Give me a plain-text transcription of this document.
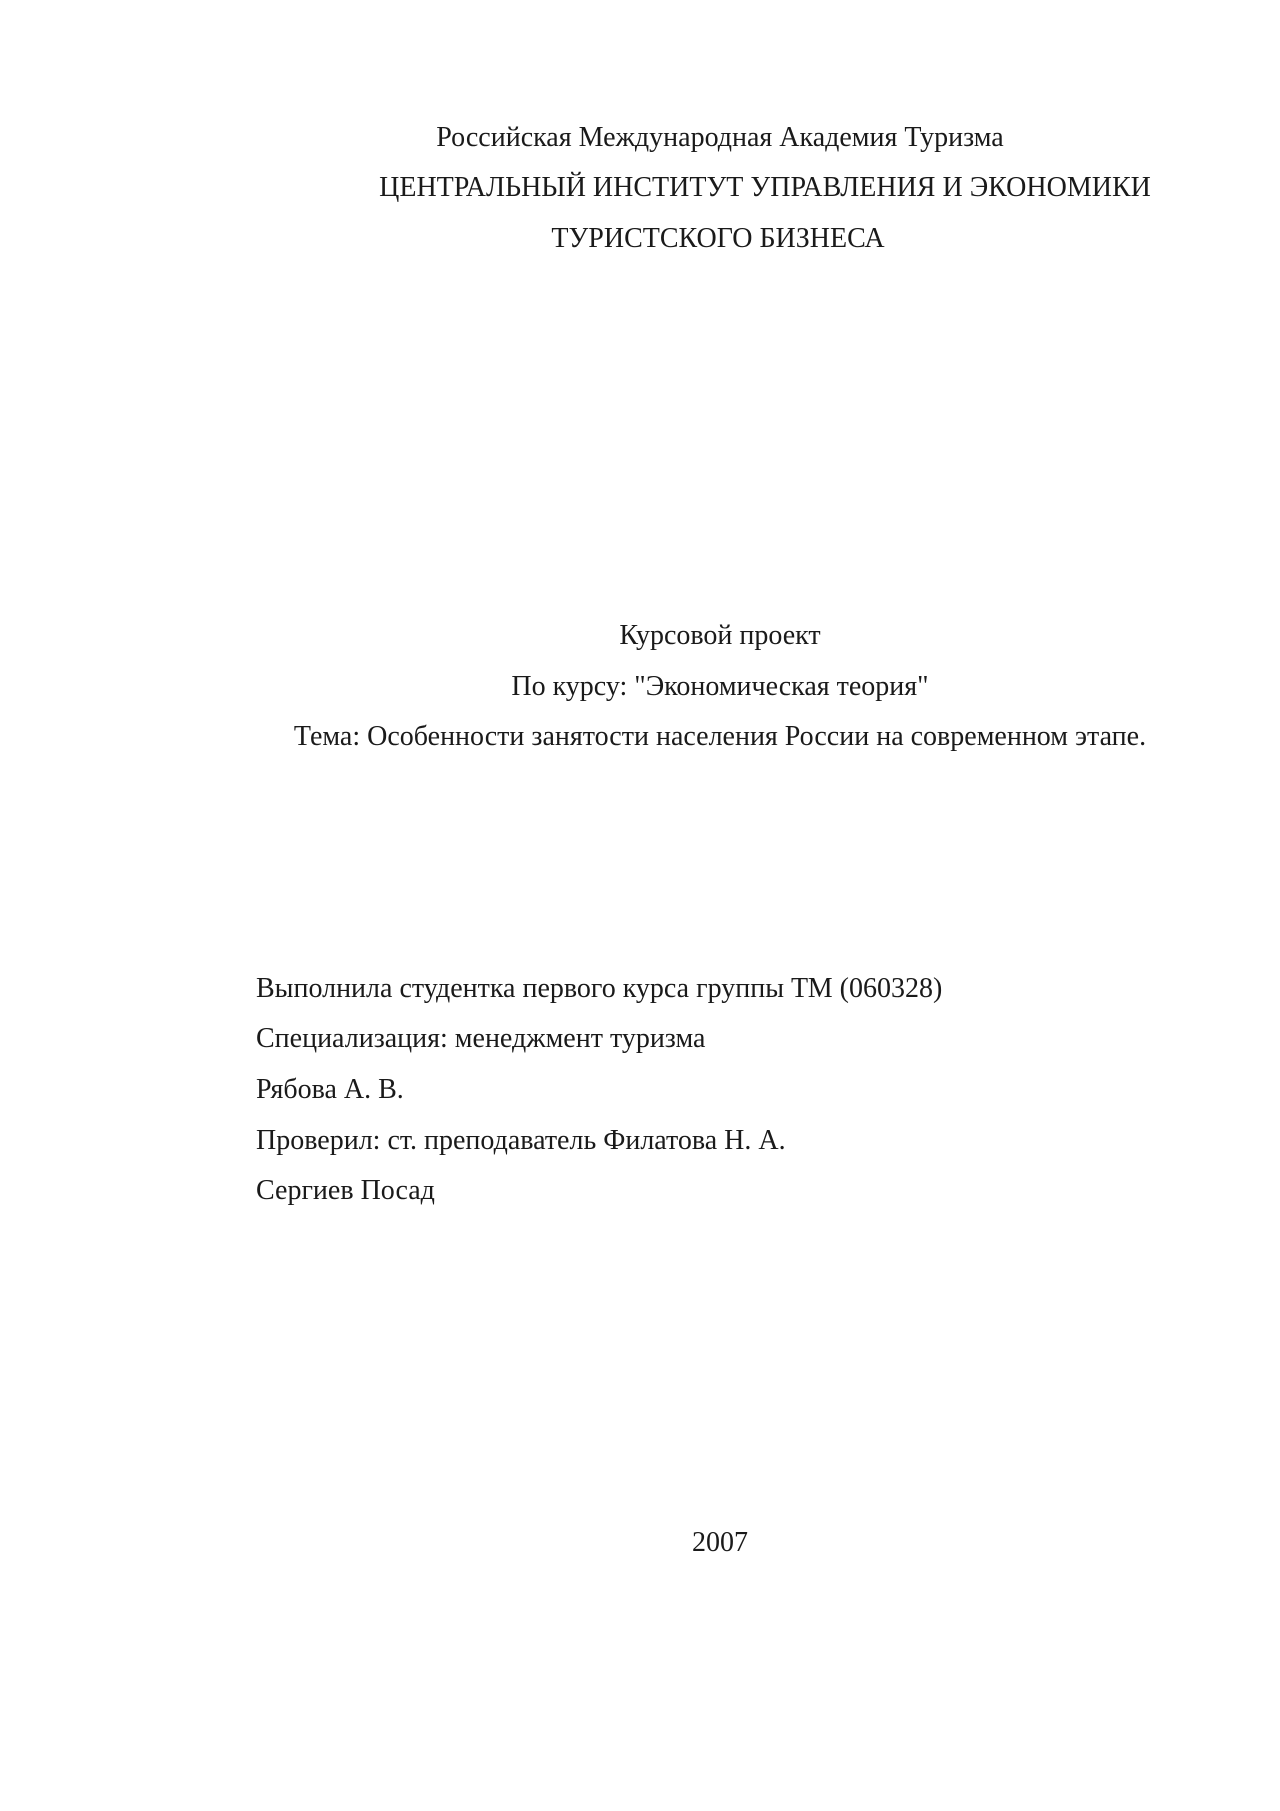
Российская Международная Академия Туризма
ЦЕНТРАЛЬНЫЙ ИНСТИТУТ УПРАВЛЕНИЯ И ЭКОНОМИКИ
ТУРИСТСКОГО БИЗНЕСА
Курсовой проект
По курсу: "Экономическая теория"
Тема: Особенности занятости населения России на современном этапе.
Выполнила студентка первого курса группы ТМ (060328)
Специализация: менеджмент туризма
Рябова А. В.
Проверил: ст. преподаватель Филатова Н. А.
Сергиев Посад
2007
